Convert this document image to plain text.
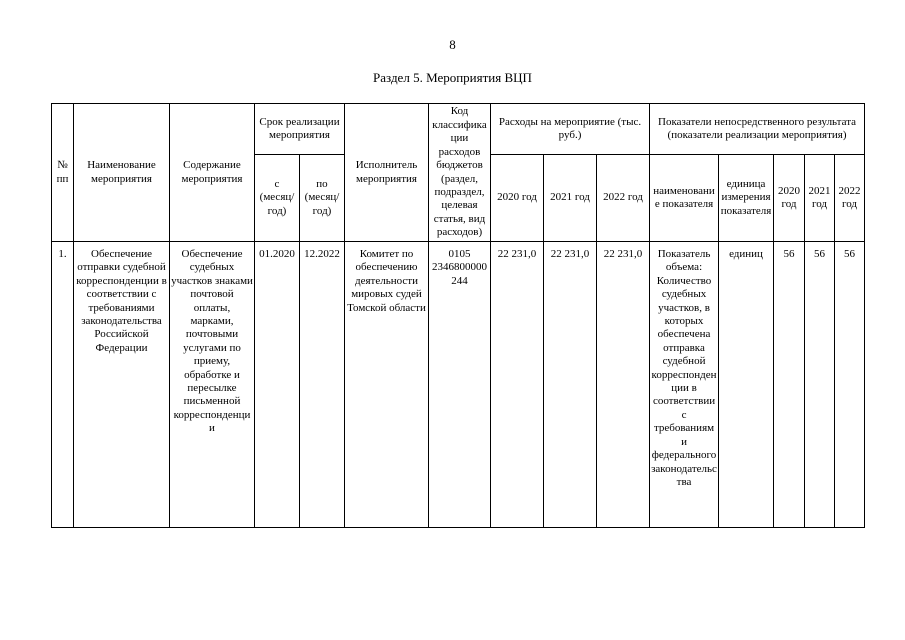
8
Раздел 5. Мероприятия ВЦП
№ пп	Наименование мероприятия	Содержание мероприятия	Срок реализации мероприятия		Исполнитель мероприятия	Код классификации расходов бюджетов (раздел, подраздел, целевая статья, вид расходов)	Расходы на мероприятие (тыс. руб.)			Показатели непосредственного результата (показатели реализации мероприятия)				
			с (месяц/ год)	по (месяц/ год)			2020 год	2021 год	2022 год	наименование показателя	единица измерения показателя	2020 год	2021 год	2022 год
1.	Обеспечение отправки судебной корреспонденции в соответствии с требованиями законодательства Российской Федерации	Обеспечение судебных участков знаками почтовой оплаты, марками, почтовыми услугами по приему, обработке и пересылке письменной корреспонденции	01.2020	12.2022	Комитет по обеспечению деятельности мировых судей Томской области	0105 2346800000 244	22 231,0	22 231,0	22 231,0	Показатель объема: Количество судебных участков, в которых обеспечена отправка судебной корреспонденции в соответствии с требованиями федерального законодательства	единиц	56	56	56
